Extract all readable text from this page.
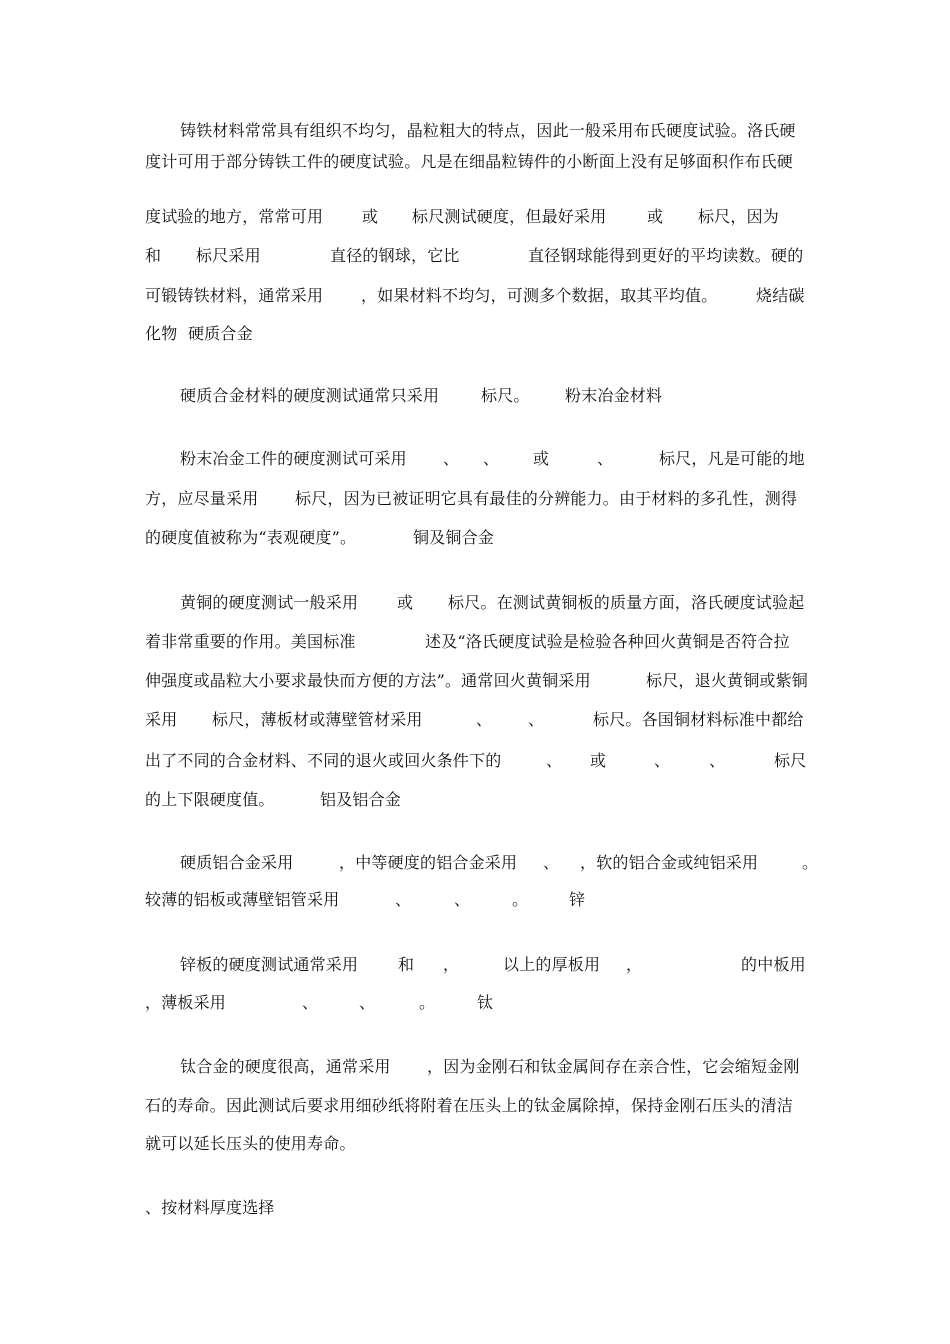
铸铁材料常常具有组织不均匀，晶粒粗大的特点，因此一般采用布氏硬度试验。洛氏硬
度计可用于部分铸铁工件的硬度试验。凡是在细晶粒铸件的小断面上没有足够面积作布氏硬
度试验的地方，常常可用 或 标尺测试硬度，但最好采用	或 标尺，因为
和 标尺采用	直径的钢球，它比	直径钢球能得到更好的平均读数。硬的
可锻铸铁材料，通常采用 ，如果材料不均匀，可测多个数据，取其平均值。 烧结碳
化物  硬质合金
硬质合金材料的硬度测试通常只采用	标尺。 粉末冶金材料
粉末冶金工件的硬度测试可采用 、 、 或	、	标尺，凡是可能的地
方，应尽量采用 标尺，因为已被证明它具有最佳的分辨能力。由于材料的多孔性，测得
的硬度值被称为“表观硬度”。	铜及铜合金
黄铜的硬度测试一般采用 或 标尺。在测试黄铜板的质量方面，洛氏硬度试验起
着非常重要的作用。美国标准	述及“洛氏硬度试验是检验各种回火黄铜是否符合拉
伸强度或晶粒大小要求最快而方便的方法”。通常回火黄铜采用	标尺，退火黄铜或紫铜
采用 标尺，薄板材或薄壁管材采用	、 、	标尺。各国铜材料标准中都给
出了不同的合金材料、不同的退火或回火条件下的	、 或	、 、	标尺
的上下限硬度值。	铝及铝合金
硬质铝合金采用	，中等硬度的铝合金采用 、 ，软的铝合金或纯铝采用	。
较薄的铝板或薄壁铝管采用	、	、	。	锌
锌板的硬度测试通常采用 和 ，	以上的厚板用 ，	的中板用
，薄板采用	、	、	。	钛
钛合金的硬度很高，通常采用 ，因为金刚石和钛金属间存在亲合性，它会缩短金刚
石的寿命。因此测试后要求用细砂纸将附着在压头上的钛金属除掉，保持金刚石压头的清洁
就可以延长压头的使用寿命。
、按材料厚度选择
